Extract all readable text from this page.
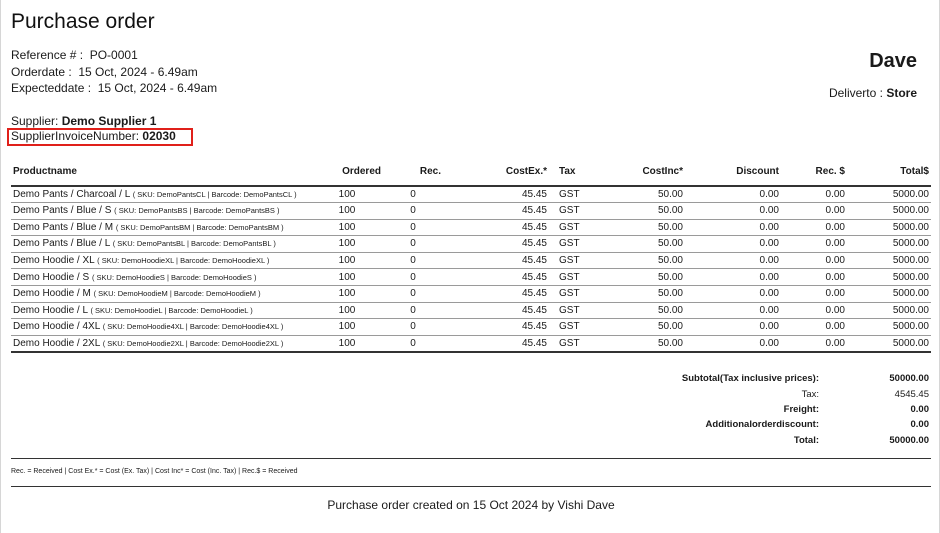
Purchase order
Reference # : PO-0001
Orderdate : 15 Oct, 2024 - 6.49am
Expecteddate : 15 Oct, 2024 - 6.49am
Dave
Deliverto : Store
Supplier: Demo Supplier 1
SupplierInvoiceNumber: 02030
Productname	Ordered	Rec.	CostEx.*	Tax	CostInc*	Discount	Rec. $	Total$
Demo Pants / Charcoal / L ( SKU: DemoPantsCL | Barcode: DemoPantsCL )	100	0	45.45	GST	50.00	0.00	0.00	5000.00
Demo Pants / Blue / S ( SKU: DemoPantsBS | Barcode: DemoPantsBS )	100	0	45.45	GST	50.00	0.00	0.00	5000.00
Demo Pants / Blue / M ( SKU: DemoPantsBM | Barcode: DemoPantsBM )	100	0	45.45	GST	50.00	0.00	0.00	5000.00
Demo Pants / Blue / L ( SKU: DemoPantsBL | Barcode: DemoPantsBL )	100	0	45.45	GST	50.00	0.00	0.00	5000.00
Demo Hoodie / XL ( SKU: DemoHoodieXL | Barcode: DemoHoodieXL )	100	0	45.45	GST	50.00	0.00	0.00	5000.00
Demo Hoodie / S ( SKU: DemoHoodieS | Barcode: DemoHoodieS )	100	0	45.45	GST	50.00	0.00	0.00	5000.00
Demo Hoodie / M ( SKU: DemoHoodieM | Barcode: DemoHoodieM )	100	0	45.45	GST	50.00	0.00	0.00	5000.00
Demo Hoodie / L ( SKU: DemoHoodieL | Barcode: DemoHoodieL )	100	0	45.45	GST	50.00	0.00	0.00	5000.00
Demo Hoodie / 4XL ( SKU: DemoHoodie4XL | Barcode: DemoHoodie4XL )	100	0	45.45	GST	50.00	0.00	0.00	5000.00
Demo Hoodie / 2XL ( SKU: DemoHoodie2XL | Barcode: DemoHoodie2XL )	100	0	45.45	GST	50.00	0.00	0.00	5000.00
Subtotal(Tax inclusive prices):	50000.00
Tax:	4545.45
Freight:	0.00
Additionalorderdiscount:	0.00
Total:	50000.00
Rec. = Received | Cost Ex.* = Cost (Ex. Tax) | Cost Inc* = Cost (Inc. Tax) | Rec.$ = Received
Purchase order created on 15 Oct 2024 by Vishi Dave
